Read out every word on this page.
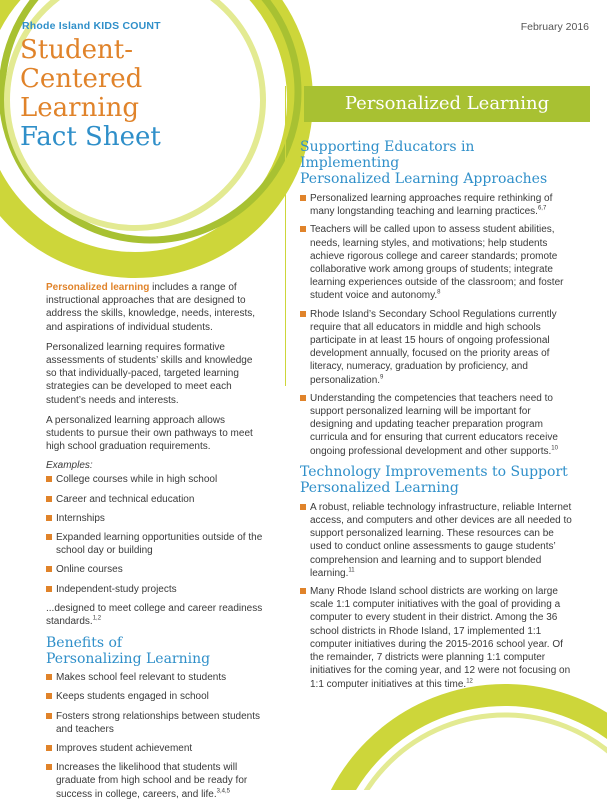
Rhode Island KIDS COUNT	February 2016
Student-
Centered
Learning
Fact Sheet

Personalized learning includes a range of instructional approaches that are designed to address the skills, knowledge, needs, interests, and aspirations of individual students.

Personalized learning requires formative assessments of students’ skills and knowledge so that individually-paced, targeted learning strategies can be developed to meet each student’s needs and interests.

A personalized learning approach allows students to pursue their own pathways to meet high school graduation requirements.

Examples:
College courses while in high school
Career and technical education
Internships
Expanded learning opportunities outside of the school day or building
Online courses
Independent-study projects

...designed to meet college and career readiness standards.$^{1,2}$

Benefits of
Personalizing Learning
Makes school feel relevant to students
Keeps students engaged in school
Fosters strong relationships between students and teachers
Improves student achievement
Increases the likelihood that students will graduate from high school and be ready for success in college, careers, and life.$^{3,4,5}$
Personalized Learning
Supporting Educators in Implementing
Personalized Learning Approaches
Personalized learning approaches require rethinking of many longstanding teaching and learning practices.$^{6,7}$
Teachers will be called upon to assess student abilities, needs, learning styles, and motivations; help students achieve rigorous college and career standards; promote collaborative work among groups of students; integrate learning experiences outside of the classroom; and foster student voice and autonomy.$^8$
Rhode Island’s Secondary School Regulations currently require that all educators in middle and high schools participate in at least 15 hours of ongoing professional development annually, focused on the priority areas of literacy, numeracy, graduation by proficiency, and personalization.$^9$
Understanding the competencies that teachers need to support personalized learning will be important for designing and updating teacher preparation program curricula and for ensuring that current educators receive ongoing professional development and other supports.$^{10}$
Technology Improvements to Support
Personalized Learning
A robust, reliable technology infrastructure, reliable Internet access, and computers and other devices are all needed to support personalized learning. These resources can be used to conduct online assessments to gauge students’ comprehension and learning and to support blended learning.$^{11}$
Many Rhode Island school districts are working on large scale 1:1 computer initiatives with the goal of providing a computer to every student in their district. Among the 36 school districts in Rhode Island, 17 implemented 1:1 computer initiatives during the 2015-2016 school year. Of the remainder, 7 districts were planning 1:1 computer initiatives for the coming year, and 12 were not focusing on 1:1 computer initiatives at this time.$^{12}$
